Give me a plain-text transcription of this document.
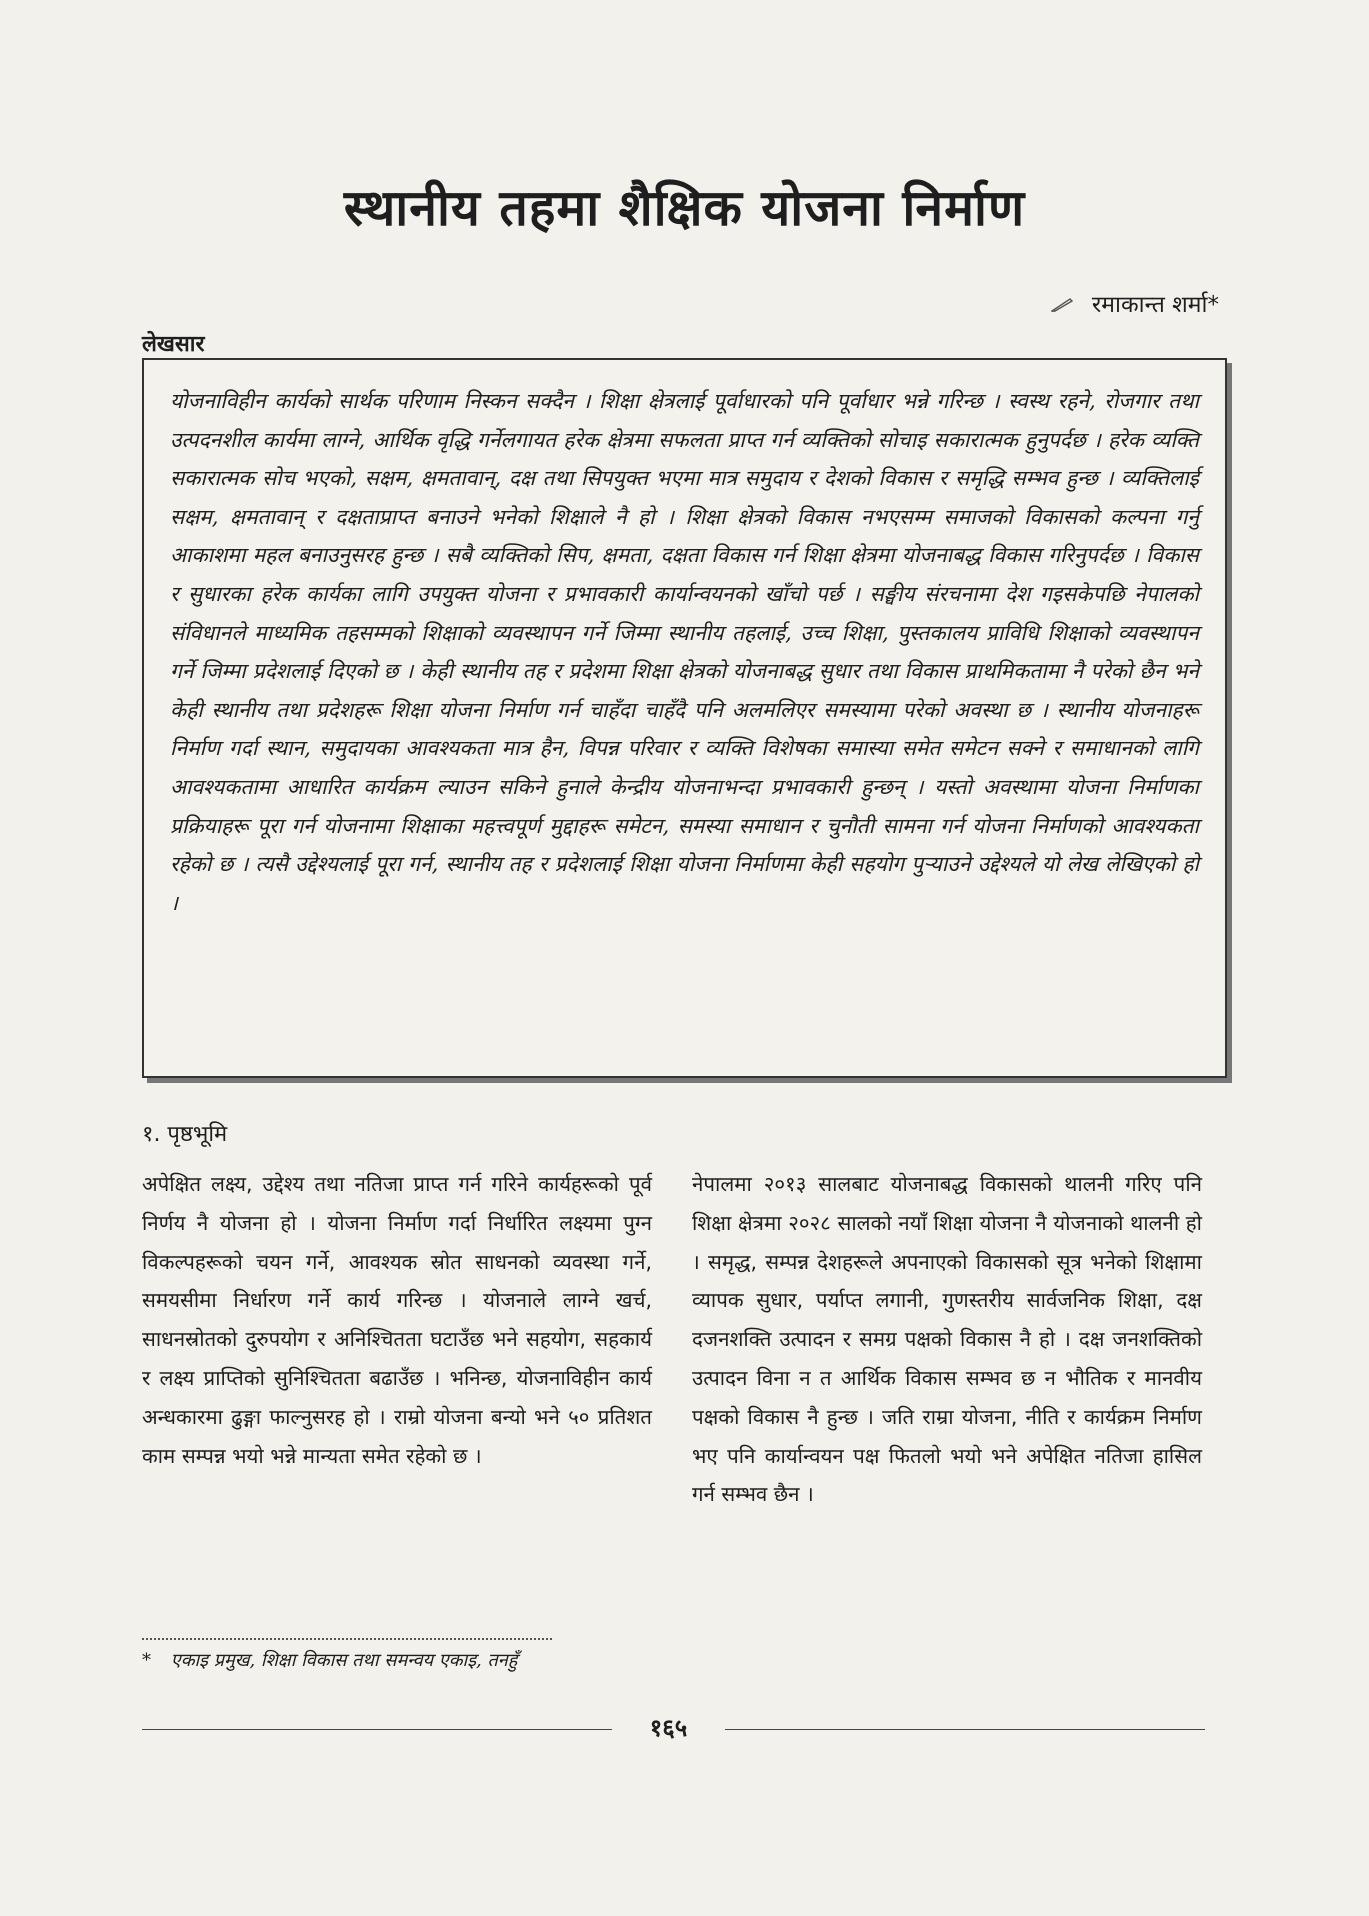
स्थानीय तहमा शैक्षिक योजना निर्माण
रमाकान्त शर्मा*
लेखसार

योजनाविहीन कार्यको सार्थक परिणाम निस्कन सक्दैन । शिक्षा क्षेत्रलाई पूर्वाधारको पनि पूर्वाधार भन्ने गरिन्छ । स्वस्थ रहने, रोजगार तथा उत्पदनशील कार्यमा लाग्ने, आर्थिक वृद्धि गर्नेलगायत हरेक क्षेत्रमा सफलता प्राप्त गर्न व्यक्तिको सोचाइ सकारात्मक हुनुपर्दछ । हरेक व्यक्ति सकारात्मक सोच भएको, सक्षम, क्षमतावान्, दक्ष तथा सिपयुक्त भएमा मात्र समुदाय र देशको विकास र समृद्धि सम्भव हुन्छ । व्यक्तिलाई सक्षम, क्षमतावान् र दक्षताप्राप्त बनाउने भनेको शिक्षाले नै हो । शिक्षा क्षेत्रको विकास नभएसम्म समाजको विकासको कल्पना गर्नु आकाशमा महल बनाउनुसरह हुन्छ । सबै व्यक्तिको सिप, क्षमता, दक्षता विकास गर्न शिक्षा क्षेत्रमा योजनाबद्ध विकास गरिनुपर्दछ । विकास र सुधारका हरेक कार्यका लागि उपयुक्त योजना र प्रभावकारी कार्यान्वयनको खाँचो पर्छ । सङ्घीय संरचनामा देश गइसकेपछि नेपालको संविधानले माध्यमिक तहसम्मको शिक्षाको व्यवस्थापन गर्ने जिम्मा स्थानीय तहलाई, उच्च शिक्षा, पुस्तकालय प्राविधि शिक्षाको व्यवस्थापन गर्ने जिम्मा प्रदेशलाई दिएको छ । केही स्थानीय तह र प्रदेशमा शिक्षा क्षेत्रको योजनाबद्ध सुधार तथा विकास प्राथमिकतामा नै परेको छैन भने केही स्थानीय तथा प्रदेशहरू शिक्षा योजना निर्माण गर्न चाहँदा चाहँदै पनि अलमलिएर समस्यामा परेको अवस्था छ । स्थानीय योजनाहरू निर्माण गर्दा स्थान, समुदायका आवश्यकता मात्र हैन, विपन्न परिवार र व्यक्ति विशेषका समास्या समेत समेटन सक्ने र समाधानको लागि आवश्यकतामा आधारित कार्यक्रम ल्याउन सकिने हुनाले केन्द्रीय योजनाभन्दा प्रभावकारी हुन्छन् । यस्तो अवस्थामा योजना निर्माणका प्रक्रियाहरू पूरा गर्न योजनामा शिक्षाका महत्त्वपूर्ण मुद्दाहरू समेटन, समस्या समाधान र चुनौती सामना गर्न योजना निर्माणको आवश्यकता रहेको छ । त्यसै उद्देश्यलाई पूरा गर्न, स्थानीय तह र प्रदेशलाई शिक्षा योजना निर्माणमा केही सहयोग पुऱ्याउने उद्देश्यले यो लेख लेखिएको हो ।

१. पृष्ठभूमि

अपेक्षित लक्ष्य, उद्देश्य तथा नतिजा प्राप्त गर्न गरिने कार्यहरूको पूर्व निर्णय नै योजना हो । योजना निर्माण गर्दा निर्धारित लक्ष्यमा पुग्न विकल्पहरूको चयन गर्ने, आवश्यक स्रोत साधनको व्यवस्था गर्ने, समयसीमा निर्धारण गर्ने कार्य गरिन्छ । योजनाले लाग्ने खर्च, साधनस्रोतको दुरुपयोग र अनिश्चितता घटाउँछ भने सहयोग, सहकार्य र लक्ष्य प्राप्तिको सुनिश्चितता बढाउँछ । भनिन्छ, योजनाविहीन कार्य अन्धकारमा ढुङ्गा फाल्नुसरह हो । राम्रो योजना बन्यो भने ५० प्रतिशत काम सम्पन्न भयो भन्ने मान्यता समेत रहेको छ ।

नेपालमा २०१३ सालबाट योजनाबद्ध विकासको थालनी गरिए पनि शिक्षा क्षेत्रमा २०२८ सालको नयाँ शिक्षा योजना नै योजनाको थालनी हो । समृद्ध, सम्पन्न देशहरूले अपनाएको विकासको सूत्र भनेको शिक्षामा व्यापक सुधार, पर्याप्त लगानी, गुणस्तरीय सार्वजनिक शिक्षा, दक्ष दजनशक्ति उत्पादन र समग्र पक्षको विकास नै हो । दक्ष जनशक्तिको उत्पादन विना न त आर्थिक विकास सम्भव छ न भौतिक र मानवीय पक्षको विकास नै हुन्छ । जति राम्रा योजना, नीति र कार्यक्रम निर्माण भए पनि कार्यान्वयन पक्ष फितलो भयो भने अपेक्षित नतिजा हासिल गर्न सम्भव छैन ।

* एकाइ प्रमुख, शिक्षा विकास तथा समन्वय एकाइ, तनहुँ
१६५
